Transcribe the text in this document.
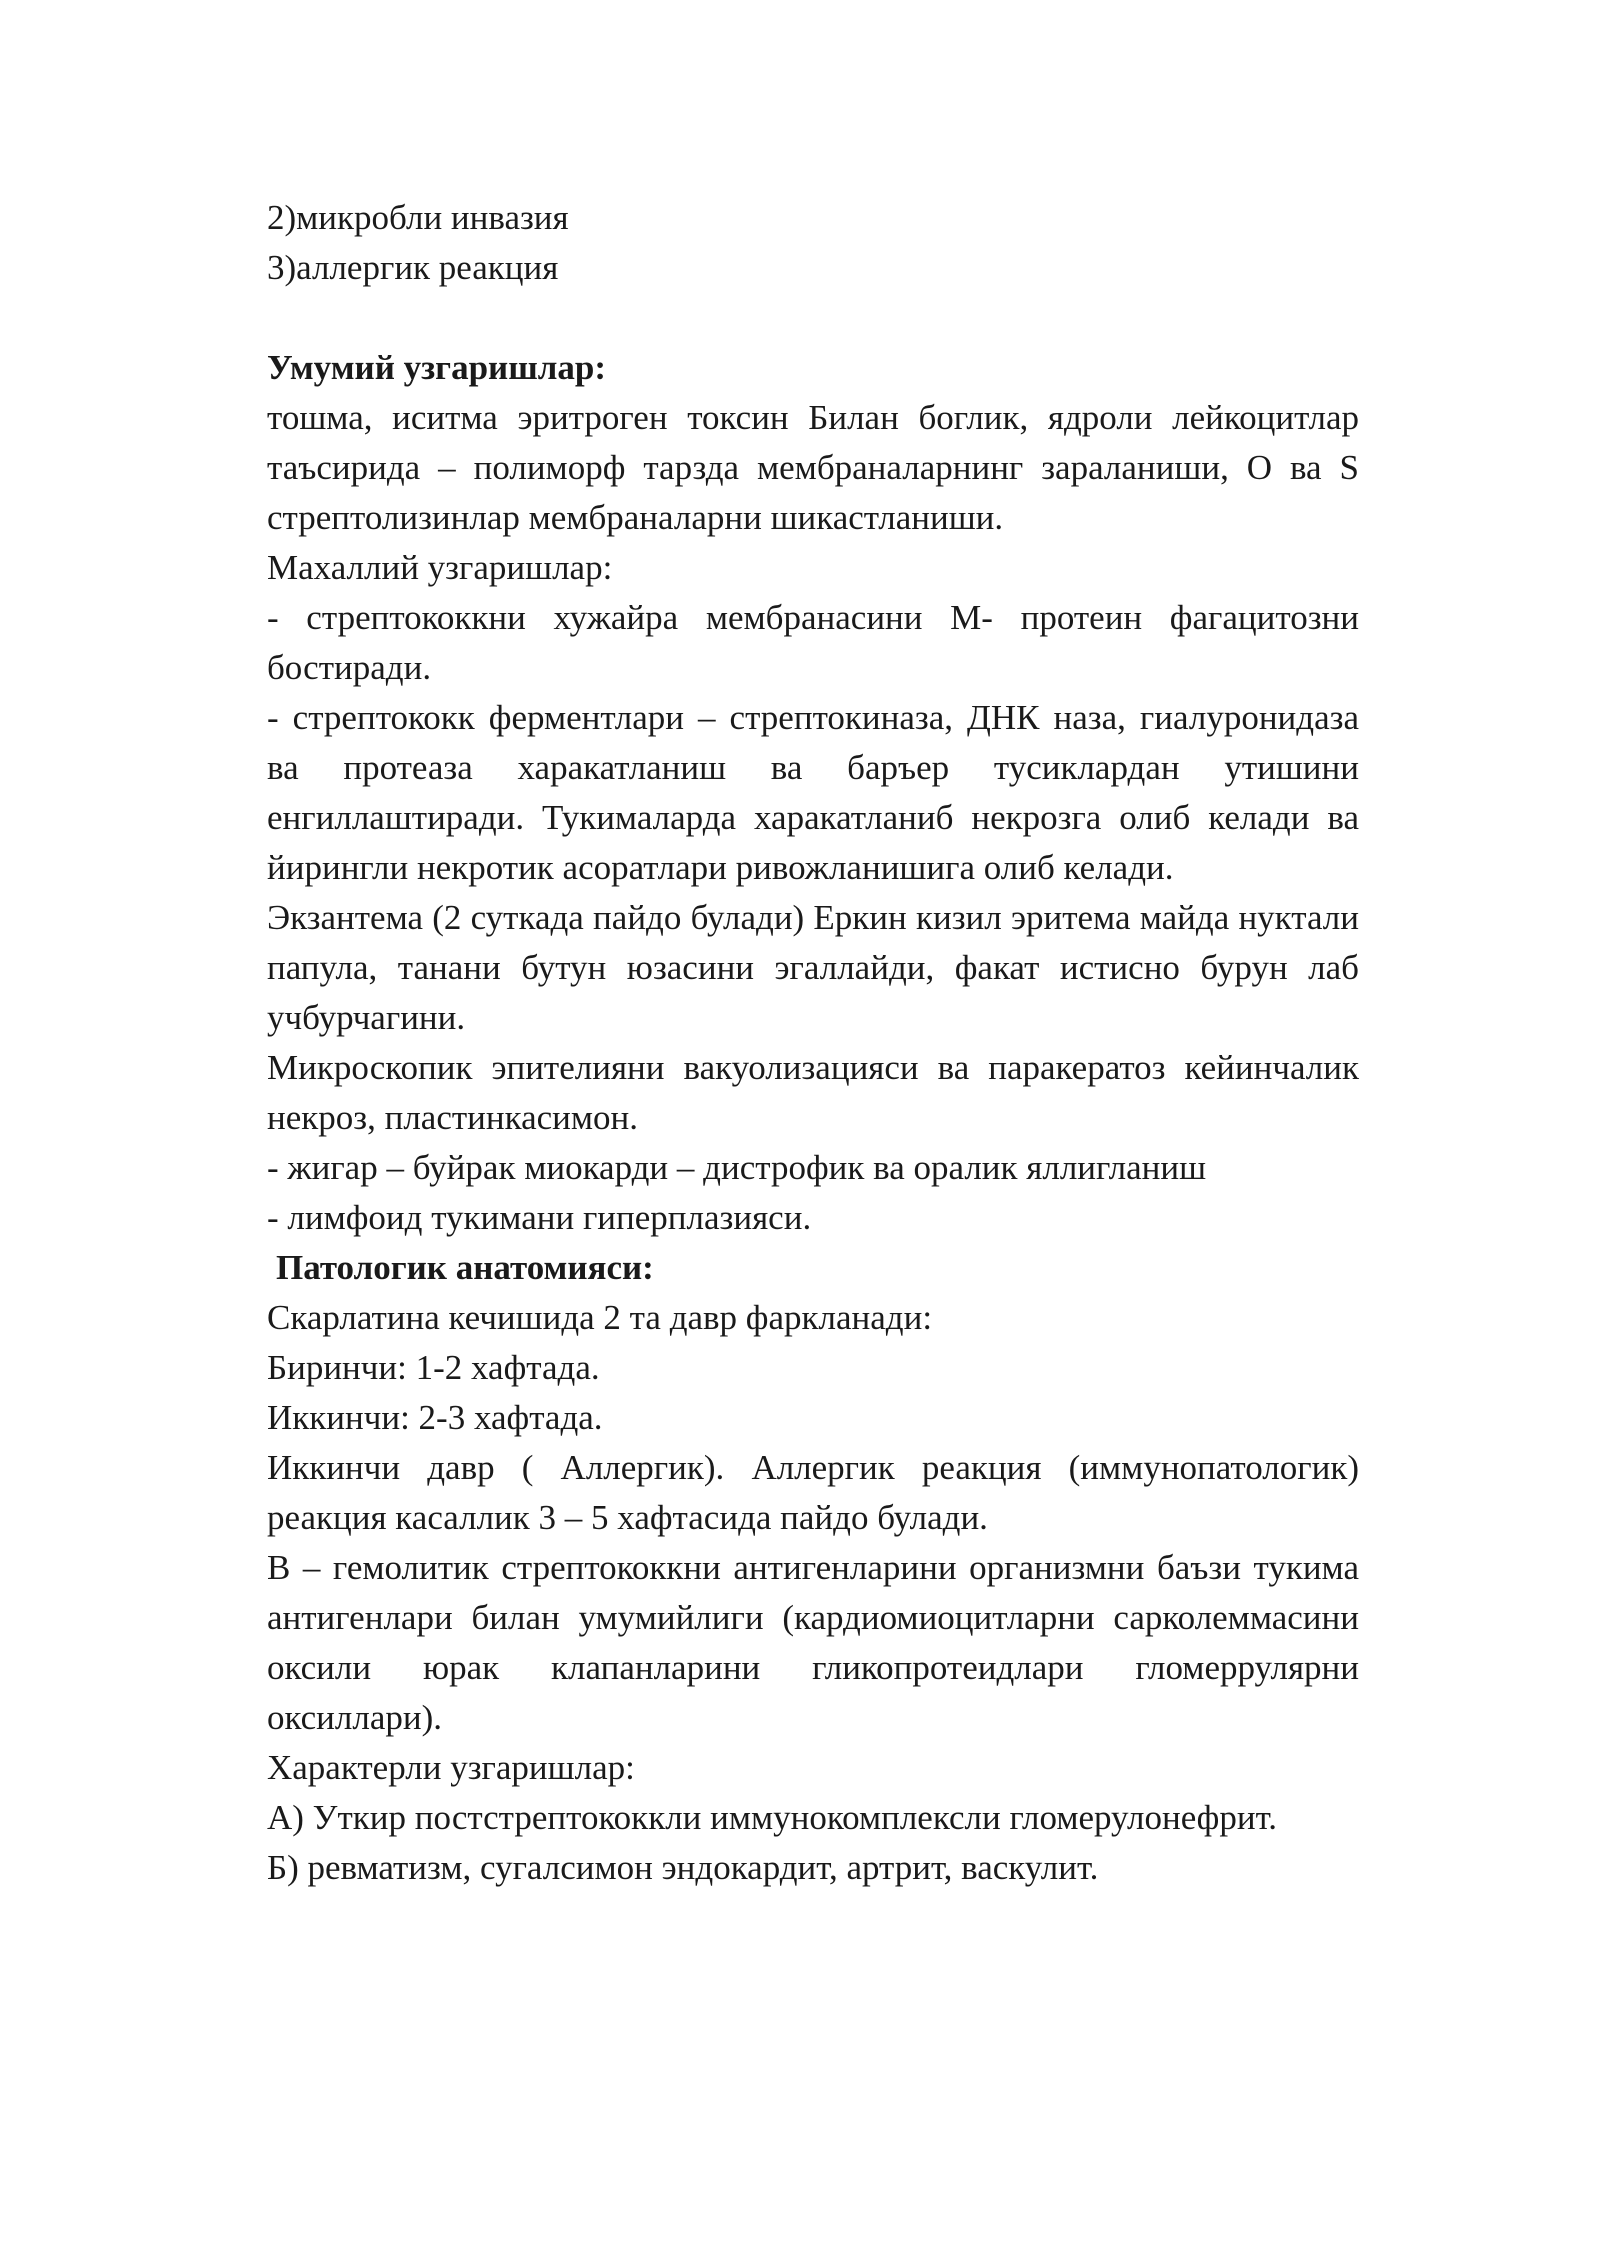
2)микробли инвазия
3)аллергик реакция

Умумий узгаришлар:

тошма, иситма эритроген токсин Билан боглик, ядроли лейкоцитлар таъсирида – полиморф тарзда мембраналарнинг зараланиши, O ва S стрептолизинлар мембраналарни шикастланиши.

Махаллий узгаришлар:

- стрептококкни хужайра мембранасини M- протеин фагацитозни бостиради.

- стрептококк ферментлари – стрептокиназа, ДНК наза, гиалуронидаза ва протеаза харакатланиш ва баръер тусиклардан утишини енгиллаштиради. Тукималарда харакатланиб некрозга олиб келади ва йирингли некротик асоратлари ривожланишига олиб келади.

Экзантема (2 суткада пайдо булади) Еркин кизил эритема майда нуктали папула, танани бутун юзасини эгаллайди, факат истисно бурун лаб учбурчагини.

Микроскопик эпителияни вакуолизацияси ва паракератоз кейинчалик некроз, пластинкасимон.

- жигар – буйрак миокарди – дистрофик ва оралик яллигланиш
- лимфоид тукимани гиперплазияси.

Патологик анатомияси:

Скарлатина кечишида 2 та давр фаркланади:
Биринчи: 1-2 хафтада.
Иккинчи: 2-3 хафтада.

Иккинчи давр ( Аллергик). Аллергик реакция (иммунопатологик) реакция касаллик 3 – 5 хафтасида пайдо булади.

B – гемолитик стрептококкни антигенларини организмни баъзи тукима антигенлари билан умумийлиги (кардиомиоцитларни сарколеммасини оксили юрак клапанларини гликопротеидлари гломеррулярни оксиллари).

Характерли узгаришлар:

А) Уткир постстрептококкли иммунокомплексли гломерулонефрит.

Б) ревматизм, сугалсимон эндокардит, артрит, васкулит.
